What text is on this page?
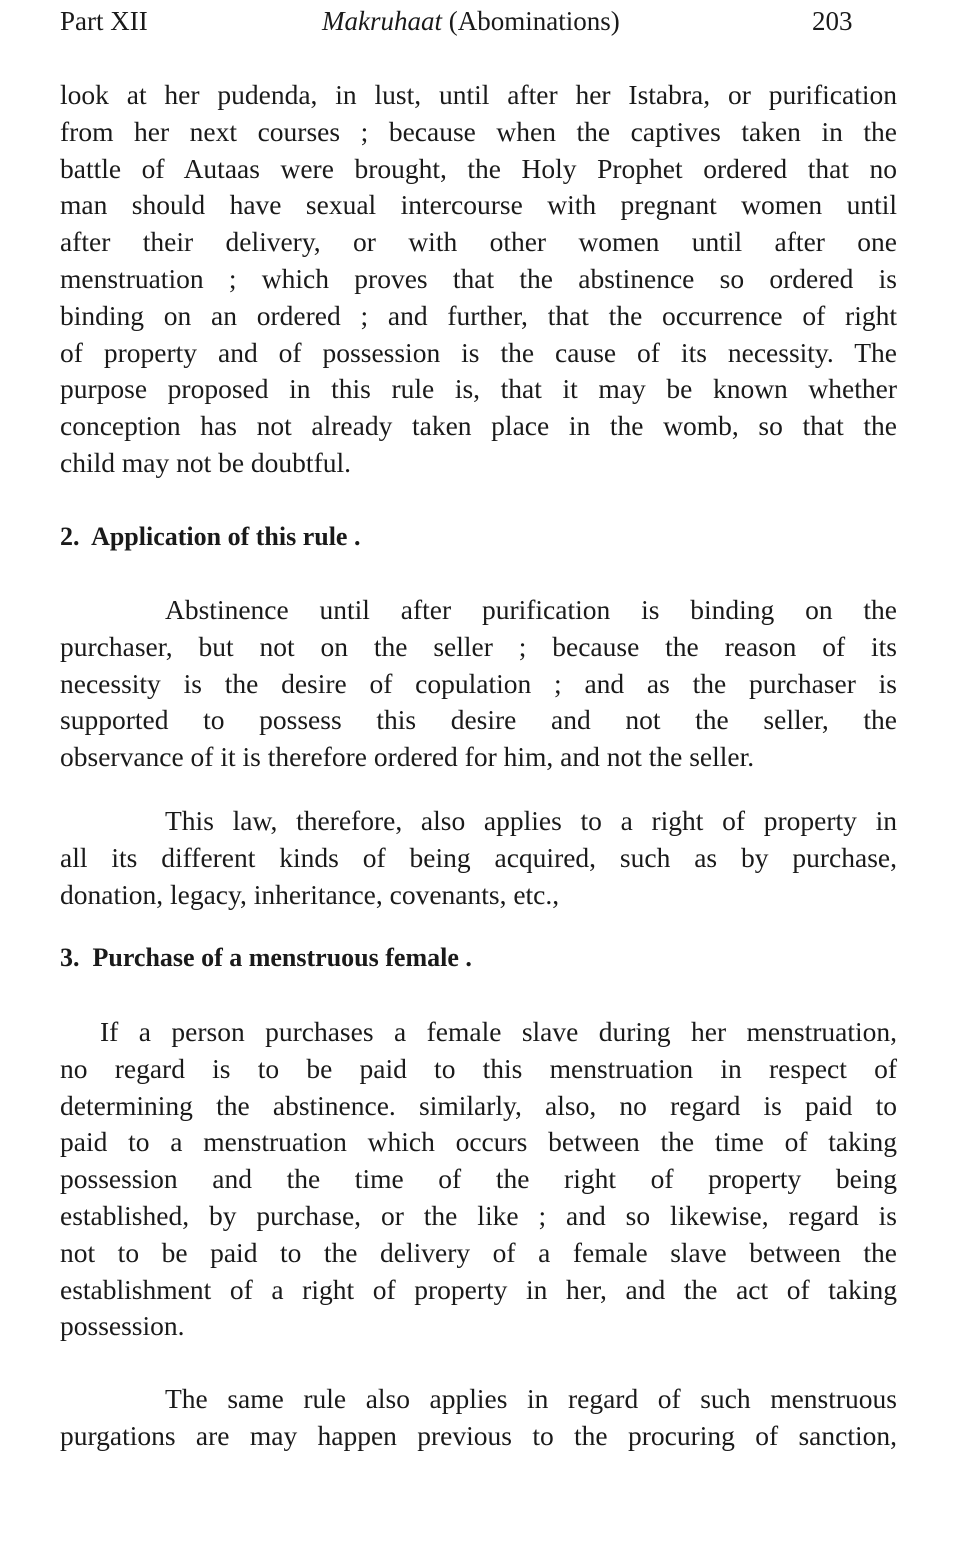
Part XII	Makruhaat (Abominations)	203
look at her pudenda, in lust, until after her Istabra, or purification
from her next courses ; because when the captives taken in the
battle of Autaas were brought, the Holy Prophet ordered that no
man should have sexual intercourse with pregnant women until
after their delivery, or with other women until after one
menstruation ; which proves that the abstinence so ordered is
binding on an ordered ; and further, that the occurrence of right
of property and of possession is the cause of its necessity. The
purpose proposed in this rule is, that it may be known whether
conception has not already taken place in the womb, so that the
child may not be doubtful.
2.  Application of this rule .
Abstinence until after purification is binding on the
purchaser, but not on the seller ; because the reason of its
necessity is the desire of copulation ; and as the purchaser is
supported to possess this desire and not the seller, the
observance of it is therefore ordered for him, and not the seller.
This law, therefore, also applies to a right of property in
all its different kinds of being acquired, such as by purchase,
donation, legacy, inheritance, covenants, etc.,
3.  Purchase of a menstruous female .
If a person purchases a female slave during her menstruation,
no regard is to be paid to this menstruation in respect of
determining the abstinence. similarly, also, no regard is paid to
paid to a menstruation which occurs between the time of taking
possession and the time of the right of property being
established, by purchase, or the like ; and so likewise, regard is
not to be paid to the delivery of a female slave between the
establishment of a right of property in her, and the act of taking
possession.
The same rule also applies in regard of such menstruous
purgations are may happen previous to the procuring of sanction,
